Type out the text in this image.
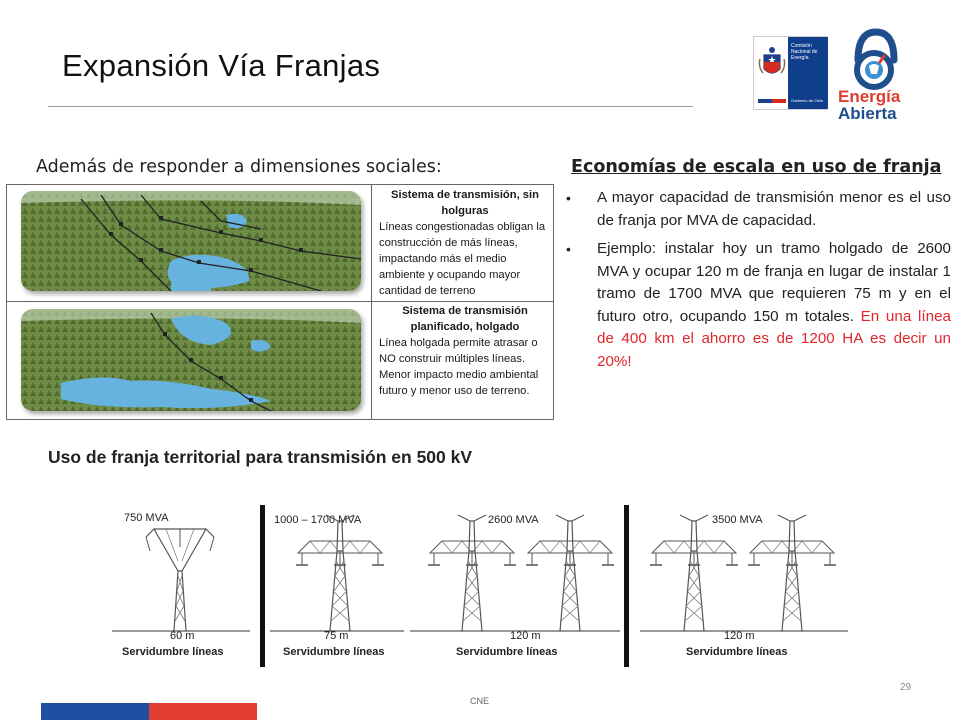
Expansión Vía Franjas
Comisión
Nacional de
Energía
Gobierno de Chile Energía
Abierta
Además de responder a dimensiones sociales:
Sistema de transmisión, sin holguras
Líneas congestionadas obligan la construcción de más líneas, impactando más el medio ambiente y ocupando mayor cantidad de terreno
Sistema de transmisión planificado, holgado
Línea holgada permite atrasar o NO construir múltiples líneas. Menor impacto medio ambiental futuro y menor uso de terreno.
Economías de escala en uso de franja
• A mayor capacidad de transmisión menor es el uso de franja por MVA de capacidad.
• Ejemplo: instalar hoy un tramo holgado de 2600 MVA y ocupar 120 m de franja en lugar de instalar 1 tramo de 1700 MVA que requieren 75 m y en el futuro otro, ocupando 150 m totales. En una línea de 400 km el ahorro es de 1200 HA es decir un 20%!
Uso de franja territorial para transmisión en 500 kV
750 MVA
60 m
Servidumbre líneas
1000 – 1700 MVA
75 m
Servidumbre líneas
2600 MVA
120 m
Servidumbre líneas
3500 MVA
120 m
Servidumbre líneas
CNE
29
